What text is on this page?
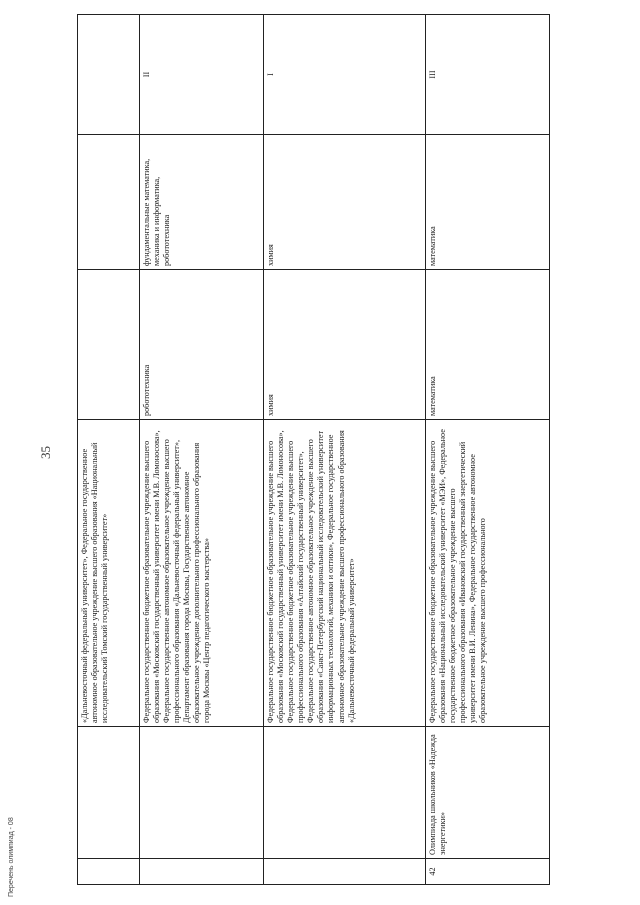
35
Перечень олимпиад - 08
		«Дальневосточный федеральный университет», Федеральное государственное автономное образовательное учреждение высшего образования «Национальный исследовательский Томский государственный университет»			
		Федеральное государственное бюджетное образовательное учреждение высшего образования «Московский государственный университет имени М.В. Ломоносова», Федеральное государственное автономное образовательное учреждение высшего профессионального образования «Дальневосточный федеральный университет», Департамент образования города Москвы, Государственное автономное образовательное учреждение дополнительного профессионального образования города Москвы «Центр педагогического мастерства»	робототехника	фундаментальные математика, механика и информатика, робототехника	II
		Федеральное государственное бюджетное образовательное учреждение высшего образования «Московский государственный университет имени М.В. Ломоносова», Федеральное государственное бюджетное образовательное учреждение высшего профессионального образования «Алтайский государственный университет», Федеральное государственное автономное образовательное учреждение высшего образования «Санкт-Петербургский национальный исследовательский университет информационных технологий, механики и оптики», Федеральное государственное автономное образовательное учреждение высшего профессионального образования «Дальневосточный федеральный университет»	химия	химия	I
42	Олимпиада школьников «Надежда энергетики»	Федеральное государственное бюджетное образовательное учреждение высшего образования «Национальный исследовательский университет «МЭИ», Федеральное государственное бюджетное образовательное учреждение высшего профессионального образования «Ивановский государственный энергетический университет имени В.И. Ленина», Федеральное государственное автономное образовательное учреждение высшего профессионального	математика	математика	III
